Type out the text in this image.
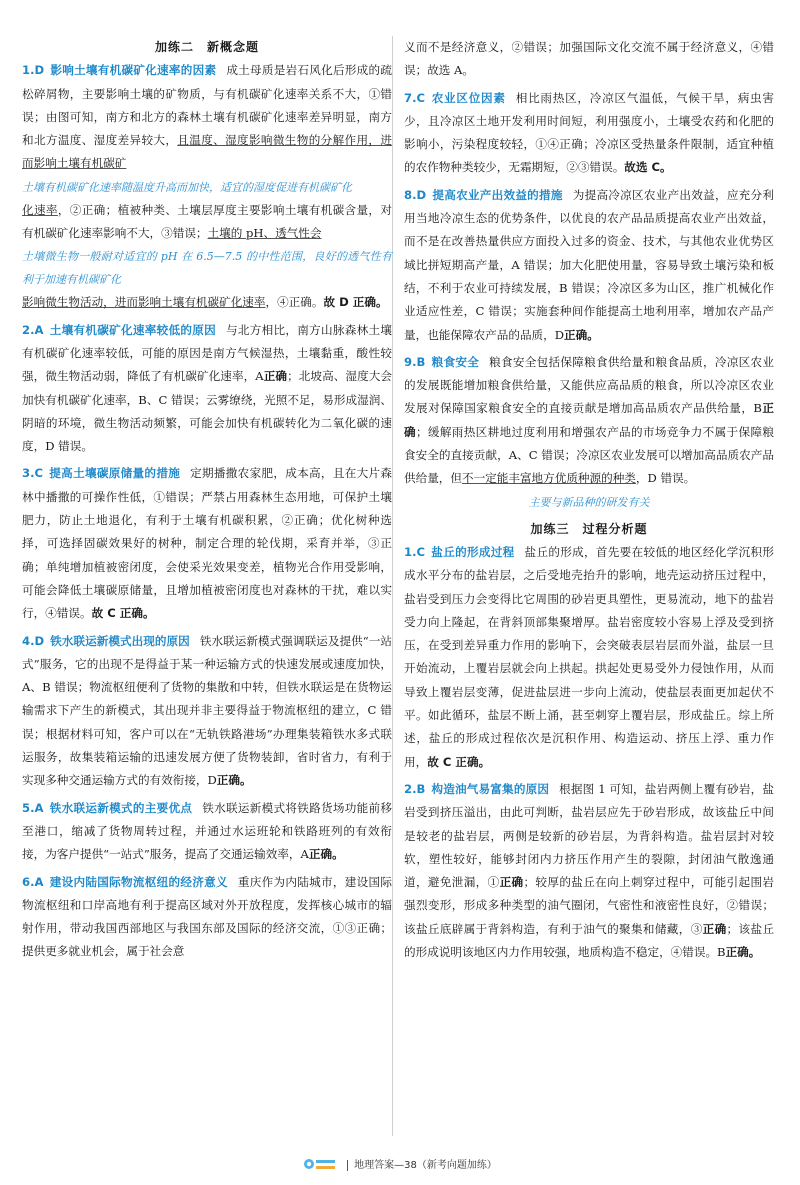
加练二　新概念题

1.D 影响土壤有机碳矿化速率的因素 成土母质是岩石风化后形成的疏松碎屑物，主要影响土壤的矿物质，与有机碳矿化速率关系不大，①错误；由图可知，南方和北方的森林土壤有机碳矿化速率差异明显，南方和北方温度、湿度差异较大，且温度、湿度影响微生物的分解作用，进而影响土壤有机碳矿
土壤有机碳矿化速率随温度升高而加快，适宜的湿度促进有机碳矿化
化速率，②正确；植被种类、土壤层厚度主要影响土壤有机碳含量，对有机碳矿化速率影响不大，③错误；土壤的 pH、透气性会
土壤微生物一般耐对适宜的 pH 在 6.5—7.5 的中性范围，良好的透气性有利于加速有机碳矿化
影响微生物活动，进而影响土壤有机碳矿化速率，④正确。故 D 正确。

2.A 土壤有机碳矿化速率较低的原因 与北方相比，南方山脉森林土壤有机碳矿化速率较低，可能的原因是南方气候湿热，土壤黏重，酸性较强，微生物活动弱，降低了有机碳矿化速率，A正确；北坡高、湿度大会加快有机碳矿化速率，B、C 错误；云雾缭绕，光照不足，易形成湿润、阴暗的环境，微生物活动频繁，可能会加快有机碳转化为二氧化碳的速度，D 错误。

3.C 提高土壤碳原储量的措施 定期播撒农家肥，成本高，且在大片森林中播撒的可操作性低，①错误；严禁占用森林生态用地，可保护土壤肥力，防止土地退化，有利于土壤有机碳积累，②正确；优化树种选择，可选择固碳效果好的树种，制定合理的轮伐期，采育并举，③正确；单纯增加植被密闭度，会使采光效果变差，植物光合作用受影响，可能会降低土壤碳原储量，且增加植被密闭度也对森林的干扰，难以实行，④错误。故 C 正确。

4.D 铁水联运新模式出现的原因 铁水联运新模式强调联运及提供“一站式”服务，它的出现不是得益于某一种运输方式的快速发展或速度加快，A、B 错误；物流枢纽便利了货物的集散和中转，但铁水联运是在货物运输需求下产生的新模式，其出现并非主要得益于物流枢纽的建立，C 错误；根据材料可知，客户可以在“无轨铁路港场”办理集装箱铁水多式联运服务，故集装箱运输的迅速发展方便了货物装卸，省时省力，有利于实现多种交通运输方式的有效衔接，D正确。

5.A 铁水联运新模式的主要优点 铁水联运新模式将铁路货场功能前移至港口，缩减了货物周转过程，并通过水运班轮和铁路班列的有效衔接，为客户提供“一站式”服务，提高了交通运输效率，A正确。

6.A 建设内陆国际物流枢纽的经济意义 重庆作为内陆城市，建设国际物流枢纽和口岸高地有利于提高区域对外开放程度，发挥核心城市的辐射作用，带动我国西部地区与我国东部及国际的经济交流，①③正确；提供更多就业机会，属于社会意

义而不是经济意义，②错误；加强国际文化交流不属于经济意义，④错误；故选 A。

7.C 农业区位因素 相比雨热区，冷凉区气温低，气候干旱，病虫害少，且冷凉区土地开发利用时间短，利用强度小，土壤受农药和化肥的影响小，污染程度较轻，①④正确；冷凉区受热量条件限制，适宜种植的农作物种类较少，无霜期短，②③错误。故选 C。

8.D 提高农业产出效益的措施 为提高冷凉区农业产出效益，应充分利用当地冷凉生态的优势条件，以优良的农产品品质提高农业产出效益，而不是在改善热量供应方面投入过多的资金、技术，与其他农业优势区域比拼短期高产量，A 错误；加大化肥使用量，容易导致土壤污染和板结，不利于农业可持续发展，B 错误；冷凉区多为山区，推广机械化作业适应性差，C 错误；实施套种间作能提高土地利用率，增加农产品产量，也能保障农产品的品质，D正确。

9.B 粮食安全 粮食安全包括保障粮食供给量和粮食品质，冷凉区农业的发展既能增加粮食供给量，又能供应高品质的粮食，所以冷凉区农业发展对保障国家粮食安全的直接贡献是增加高品质农产品供给量，B正确；缓解雨热区耕地过度利用和增强农产品的市场竞争力不属于保障粮食安全的直接贡献，A、C 错误；冷凉区农业发展可以增加高品质农产品供给量，但不一定能丰富地方优质种源的种类，D 错误。
主要与新品种的研发有关

加练三　过程分析题

1.C 盐丘的形成过程 盐丘的形成，首先要在较低的地区经化学沉积形成水平分布的盐岩层，之后受地壳抬升的影响，地壳运动挤压过程中，盐岩受到压力会变得比它周围的砂岩更具塑性，更易流动，地下的盐岩受力向上隆起，在背斜顶部集聚增厚。盐岩密度较小容易上浮及受到挤压，在受到差异重力作用的影响下，会突破表层岩层而外溢，盐层一旦开始流动，上覆岩层就会向上拱起。拱起处更易受外力侵蚀作用，从而导致上覆岩层变薄，促进盐层进一步向上流动，使盐层表面更加起伏不平。如此循环，盐层不断上涌，甚至刺穿上覆岩层，形成盐丘。综上所述，盐丘的形成过程依次是沉积作用、构造运动、挤压上浮、重力作用，故 C 正确。

2.B 构造油气易富集的原因 根据图 1 可知，盐岩两侧上覆有砂岩，盐岩受到挤压溢出，由此可判断，盐岩层应先于砂岩形成，故该盐丘中间是较老的盐岩层，两侧是较新的砂岩层，为背斜构造。盐岩层封对较软，塑性较好，能够封闭内力挤压作用产生的裂隙，封闭油气散逸通道，避免泄漏，①正确；较厚的盐丘在向上刺穿过程中，可能引起围岩强烈变形，形成多种类型的油气圈闭，气密性和液密性良好，②错误；该盐丘底辟属于背斜构造，有利于油气的聚集和储藏，③正确；该盐丘的形成说明该地区内力作用较强，地质构造不稳定，④错误。B正确。

地理答案—38（新考向题加练）
